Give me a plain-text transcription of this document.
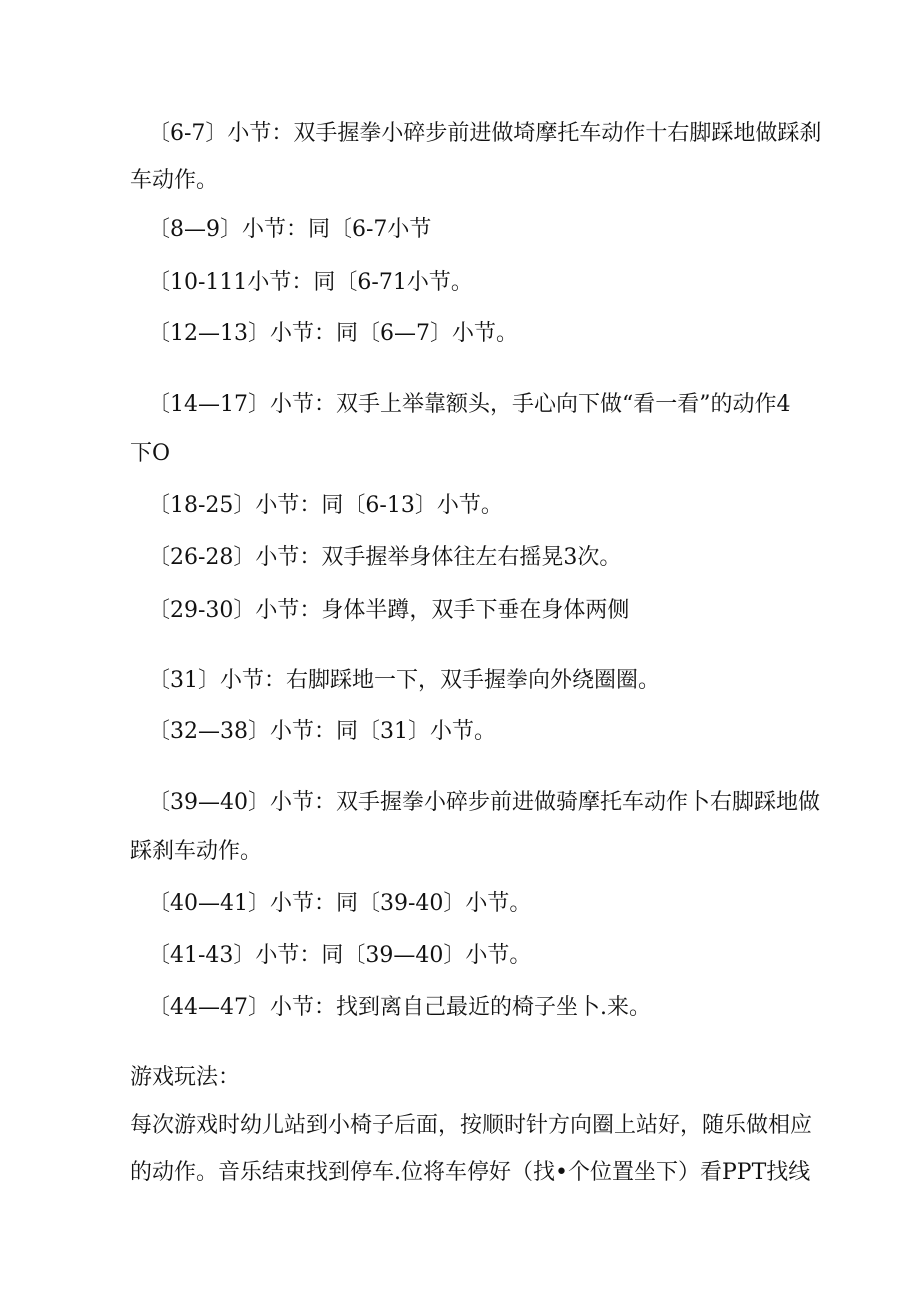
〔6-7〕小节：双手握拳小碎步前进做埼摩托车动作十右脚踩地做踩刹
车动作。
〔8—9〕小节：同〔6-7小节
〔10-111小节：同〔6-71小节。
〔12—13〕小节：同〔6—7〕小节。
〔14—17〕小节：双手上举靠额头，手心向下做“看一看”的动作4
下O
〔18-25〕小节：同〔6-13〕小节。
〔26-28〕小节：双手握举身体往左右摇晃3次。
〔29-30〕小节：身体半蹲，双手下垂在身体两侧
〔31〕小节：右脚踩地一下，双手握拳向外绕圈圈。
〔32—38〕小节：同〔31〕小节。
〔39—40〕小节：双手握拳小碎步前进做骑摩托车动作卜右脚踩地做
踩刹车动作。
〔40—41〕小节：同〔39-40〕小节。
〔41-43〕小节：同〔39—40〕小节。
〔44—47〕小节：找到离自己最近的椅子坐卜.来。
游戏玩法：
每次游戏时幼儿站到小椅子后面，按顺时针方向圈上站好，随乐做相应
的动作。音乐结束找到停车.位将车停好（找•个位置坐下）看PPT找线
